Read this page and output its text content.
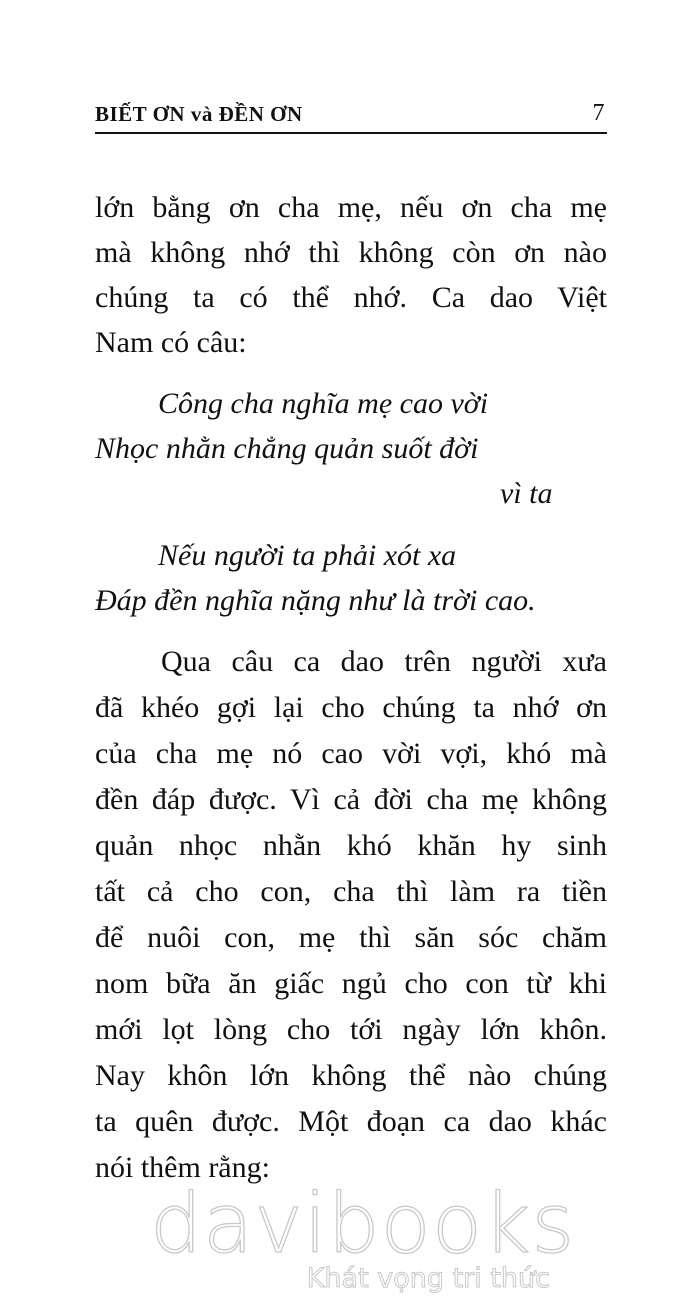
BIẾT ƠN và ĐỀN ƠN	7
lớn bằng ơn cha mẹ, nếu ơn cha mẹ
mà không nhớ thì không còn ơn nào
chúng ta có thể nhớ. Ca dao Việt
Nam có câu:
Công cha nghĩa mẹ cao vời
Nhọc nhằn chẳng quản suốt đời
vì ta
Nếu người ta phải xót xa
Đáp đền nghĩa nặng như là trời cao.
Qua câu ca dao trên người xưa
đã khéo gợi lại cho chúng ta nhớ ơn
của cha mẹ nó cao vời vợi, khó mà
đền đáp được. Vì cả đời cha mẹ không
quản nhọc nhằn khó khăn hy sinh
tất cả cho con, cha thì làm ra tiền
để nuôi con, mẹ thì săn sóc chăm
nom bữa ăn giấc ngủ cho con từ khi
mới lọt lòng cho tới ngày lớn khôn.
Nay khôn lớn không thể nào chúng
ta quên được. Một đoạn ca dao khác
nói thêm rằng:
davibooks
Khát vọng tri thức
